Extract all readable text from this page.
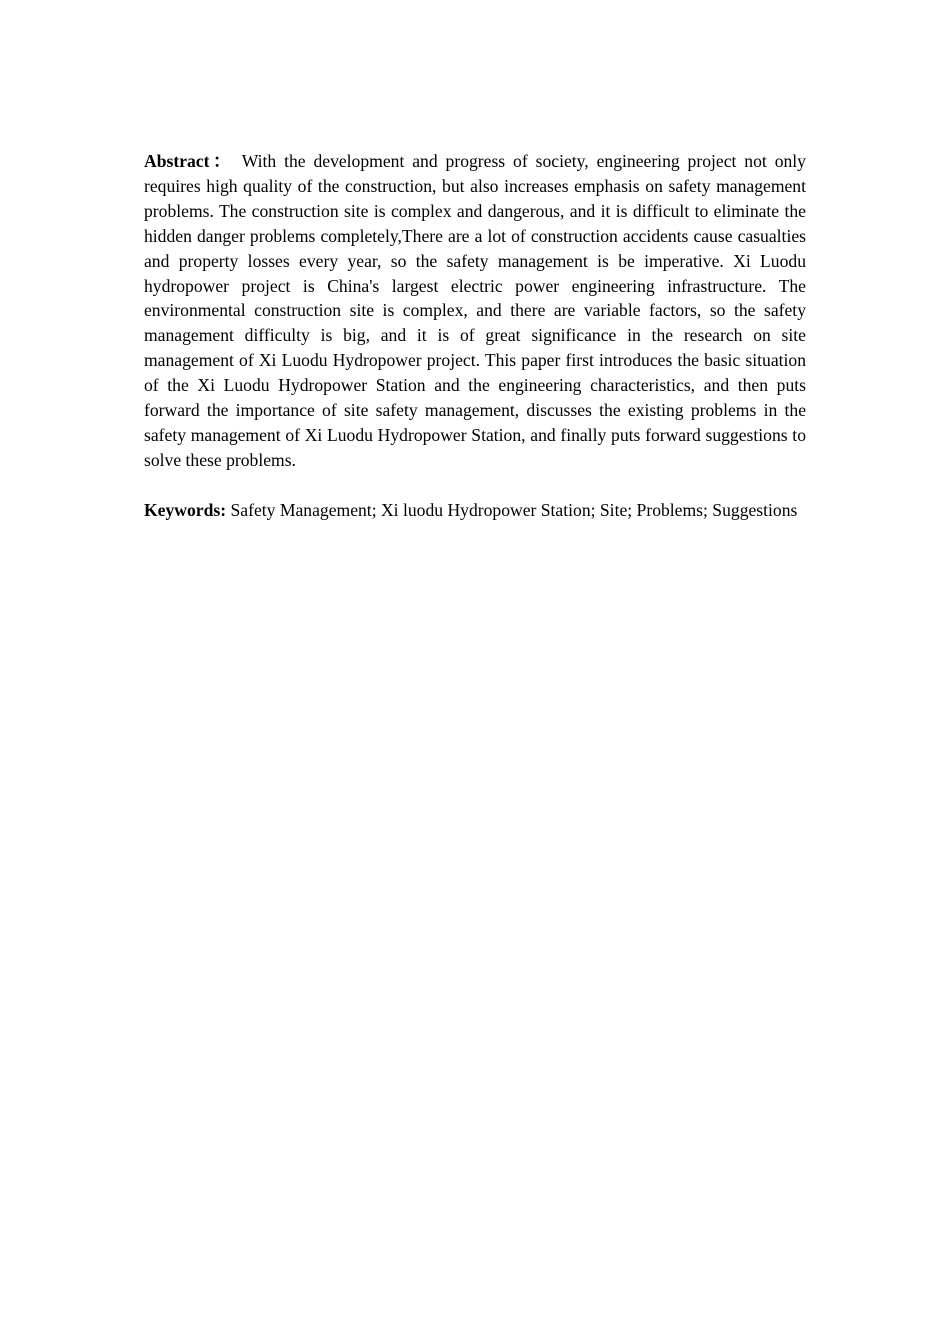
Abstract： With the development and progress of society, engineering project not only requires high quality of the construction, but also increases emphasis on safety management problems. The construction site is complex and dangerous, and it is difficult to eliminate the hidden danger problems completely,There are a lot of construction accidents cause casualties and property losses every year, so the safety management is be imperative. Xi Luodu hydropower project is China's largest electric power engineering infrastructure. The environmental construction site is complex, and there are variable factors, so the safety management difficulty is big, and it is of great significance in the research on site management of Xi Luodu Hydropower project. This paper first introduces the basic situation of the Xi Luodu Hydropower Station and the engineering characteristics, and then puts forward the importance of site safety management, discusses the existing problems in the safety management of Xi Luodu Hydropower Station, and finally puts forward suggestions to solve these problems.

Keywords: Safety Management; Xi luodu Hydropower Station; Site; Problems; Suggestions
